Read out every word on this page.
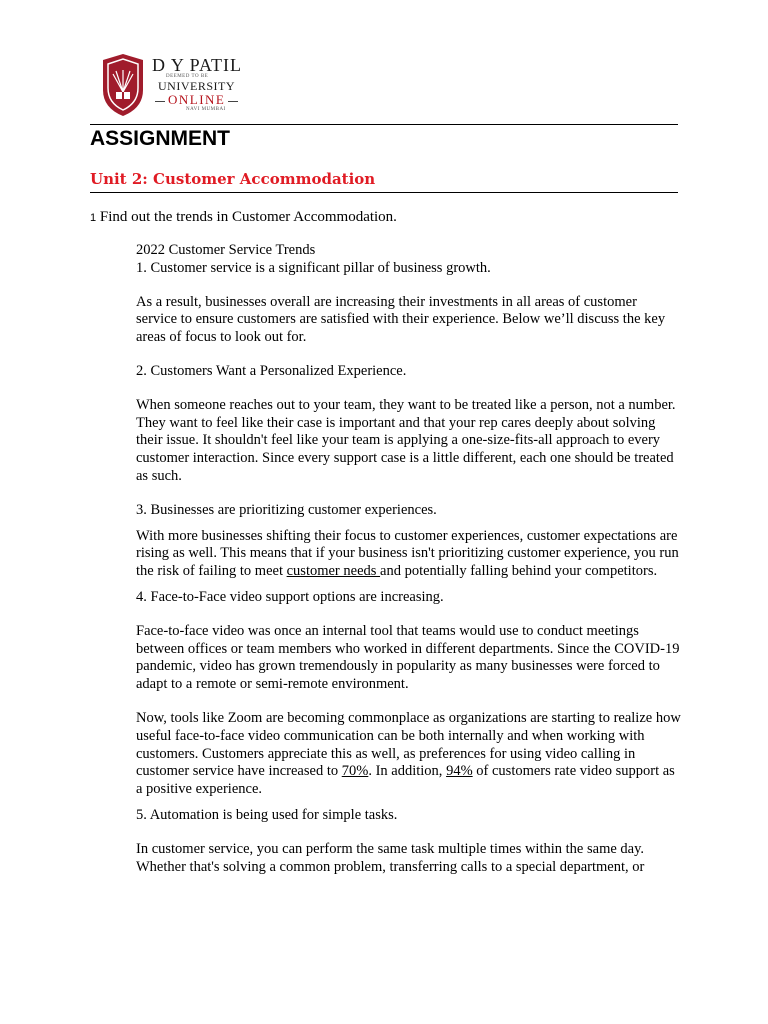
D Y PATIL
DEEMED TO BE
UNIVERSITY
ONLINE
NAVI MUMBAI
ASSIGNMENT
Unit 2: Customer Accommodation
1 Find out the trends in Customer Accommodation.

2022 Customer Service Trends

1. Customer service is a significant pillar of business growth.

As a result, businesses overall are increasing their investments in all areas of customer service to ensure customers are satisfied with their experience. Below we’ll discuss the key areas of focus to look out for.

2. Customers Want a Personalized Experience.

When someone reaches out to your team, they want to be treated like a person, not a number. They want to feel like their case is important and that your rep cares deeply about solving their issue. It shouldn't feel like your team is applying a one-size-fits-all approach to every customer interaction. Since every support case is a little different, each one should be treated as such.

3. Businesses are prioritizing customer experiences.

With more businesses shifting their focus to customer experiences, customer expectations are rising as well. This means that if your business isn't prioritizing customer experience, you run the risk of failing to meet customer needs and potentially falling behind your competitors.

4. Face-to-Face video support options are increasing.

Face-to-face video was once an internal tool that teams would use to conduct meetings between offices or team members who worked in different departments. Since the COVID-19 pandemic, video has grown tremendously in popularity as many businesses were forced to adapt to a remote or semi-remote environment.

Now, tools like Zoom are becoming commonplace as organizations are starting to realize how useful face-to-face video communication can be both internally and when working with customers. Customers appreciate this as well, as preferences for using video calling in customer service have increased to 70%. In addition, 94% of customers rate video support as a positive experience.

5. Automation is being used for simple tasks.

In customer service, you can perform the same task multiple times within the same day. Whether that's solving a common problem, transferring calls to a special department, or
